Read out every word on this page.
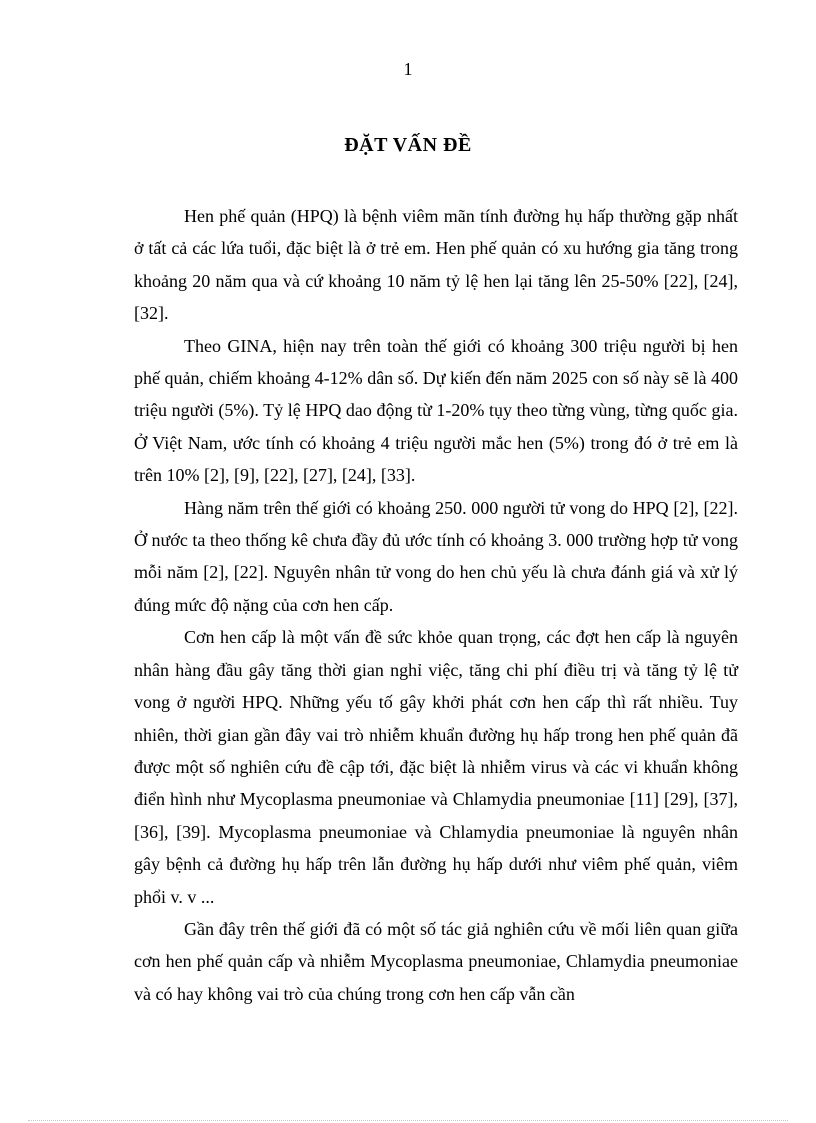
1
ĐẶT VẤN ĐỀ

Hen phế quản (HPQ) là bệnh viêm mãn tính đường hụ hấp thường gặp nhất ở tất cả các lứa tuổi, đặc biệt là ở trẻ em. Hen phế quản có xu hướng gia tăng trong khoảng 20 năm qua và cứ khoảng 10 năm tỷ lệ hen lại tăng lên 25-50% [22], [24],[32].

Theo GINA, hiện nay trên toàn thế giới có khoảng 300 triệu người bị hen phế quản, chiếm khoảng 4-12% dân số. Dự kiến đến năm 2025 con số này sẽ là 400 triệu người (5%). Tỷ lệ HPQ dao động từ 1-20% tụy theo từng vùng, từng quốc gia. Ở Việt Nam, ước tính có khoảng 4 triệu người mắc hen (5%) trong đó ở trẻ em là trên 10% [2], [9], [22], [27], [24], [33].

Hàng năm trên thế giới có khoảng 250. 000 người tử vong do HPQ [2], [22]. Ở nước ta theo thống kê chưa đầy đủ ước tính có khoảng 3. 000 trường hợp tử vong mỗi năm [2], [22]. Nguyên nhân tử vong do hen chủ yếu là chưa đánh giá và xử lý đúng mức độ nặng của cơn hen cấp.

Cơn hen cấp là một vấn đề sức khỏe quan trọng, các đợt hen cấp là nguyên nhân hàng đầu gây tăng thời gian nghỉ việc, tăng chi phí điều trị và tăng tỷ lệ tử vong ở người HPQ. Những yếu tố gây khởi phát cơn hen cấp thì rất nhiều. Tuy nhiên, thời gian gần đây vai trò nhiễm khuẩn đường hụ hấp trong hen phế quản đã được một số nghiên cứu đề cập tới, đặc biệt là nhiễm virus và các vi khuẩn không điển hình như Mycoplasma pneumoniae và Chlamydia pneumoniae [11] [29], [37], [36], [39]. Mycoplasma pneumoniae và Chlamydia pneumoniae là nguyên nhân gây bệnh cả đường hụ hấp trên lẫn đường hụ hấp dưới như viêm phế quản, viêm phổi v. v ...

Gần đây trên thế giới đã có một số tác giả nghiên cứu về mối liên quan giữa cơn hen phế quản cấp và nhiễm Mycoplasma pneumoniae, Chlamydia pneumoniae và có hay không vai trò của chúng trong cơn hen cấp vẫn cần
